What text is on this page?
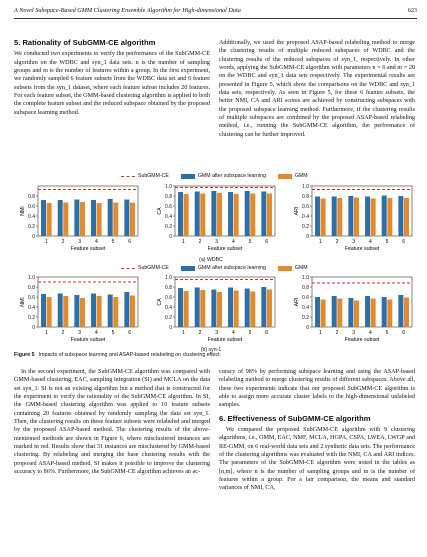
A Novel Subspace-Based GMM Clustering Ensemble Algorithm for High-dimensional Data	623
5. Rationality of SubGMM-CE algorithm

We conducted two experiments to verify the performance of the SubGMM-CE algorithm on the WDBC and syn_1 data sets. n is the number of sampling groups and m is the number of features within a group. In the first experiment, we randomly sampled 6 feature subsets from the WDBC data set and 6 feature subsets from the syn_1 dataset, where each feature subset includes 20 features. For each feature subset, the GMM-based clustering algorithm is applied to both the complete feature subset and the reduced subspace obtained by the proposed subspace learning method.

Additionally, we used the proposed ASAP-based relabeling method to merge the clustering results of multiple reduced subspaces of WDBC and the clustering results of the reduced subspaces of syn_1, respectively. In other words, applying the SubGMM-CE algorithm with parameters n = 6 and m = 20 on the WDBC and syn_1 data sets respectively. The experimental results are presented in Figure 5, which show the comparisons on the WDBC and syn_1 data sets, respectively. As seen in Figure 5, for these 6 feature subsets, the better NMI, CA and ARI scores are achieved by constructing subspaces with the proposed subspace learning method. Furthermore, if the clustering results of multiple subspaces are combined by the proposed ASAP-based relabeling method, i.e., running the SubGMM-CE algorithm, the performance of clustering can be further improved.

SubGMM-CE	GMM after subspace learning	GMM
SubGMM-CE	GMM after subspace learning	GMM
0
0.2
0.4
0.6
0.8
NMI
1	2	3	4	5	6
Feature subset
0
0.2
0.4
0.6
0.8
1.0
CA
1	2	3	4	5	6
Feature subset
0
0.2
0.4
0.6
0.8
1.0
ARI
1	2	3	4	5	6
Feature subset
0
0.2
0.4
0.6
0.8
1.0
NMI
1	2	3	4	5	6
Feature subset
0
0.2
0.4
0.6
0.8
1.0
CA
1	2	3	4	5	6
Feature subset
0
0.2
0.4
0.6
0.8
1.0
ARI
1	2	3	4	5	6
Feature subset
(a) WDBC
(b) syn-1
Figure 5 Impacts of subspace learning and ASAP-based relabeling on clustering effect.

In the second experiment, the SubGMM-CE algorithm was compared with GMM-based clustering, EAC, sampling integration (SI) and MCLA on the data set syn_1. SI is not an existing algorithm but a method that is constructed for the experiment to verify the rationality of the SubGMM-CE algorithm. In SI, the GMM-based clustering algorithm was applied to 10 feature subsets containing 20 features obtained by randomly sampling the data set syn_1. Then, the clustering results on these feature subsets were relabeled and merged by the proposed ASAP-based method. The clustering results of the above-mentioned methods are shown in Figure 6, where misclustered instances are marked in red. Results show that 31 instances are misclustered by GMM-based clustering. By relabeling and merging the base clustering results with the proposed ASAP-based method, SI makes it possible to improve the clustering accuracy to 86%. Furthermore, the SubGMM-CE algorithm achieves an ac-

curacy of 98% by performing subspace learning and using the ASAP-based relabeling method to merge clustering results of different subspaces. Above all, these two experiments indicate that our proposed SubGMM-CE algorithm is able to assign more accurate cluster labels to the high-dimensional unlabeled samples.

6. Effectiveness of SubGMM-CE algorithm

We compared the proposed SubGMM-CE algorithm with 9 clustering algorithms, i.e., GMM, EAC, NMF, MCLA, HGPA, CSPA, LWEA, LWGP and RE-GMM, on 6 real-world data sets and 2 synthetic data sets. The performance of the clustering algorithms was evaluated with the NMI, CA and ARI indices. The parameters of the SubGMM-CE algorithm were noted in the tables as [n,m], where n is the number of sampling groups and m is the number of features within a group. For a fair comparison, the means and standard variances of NMI, CA,
